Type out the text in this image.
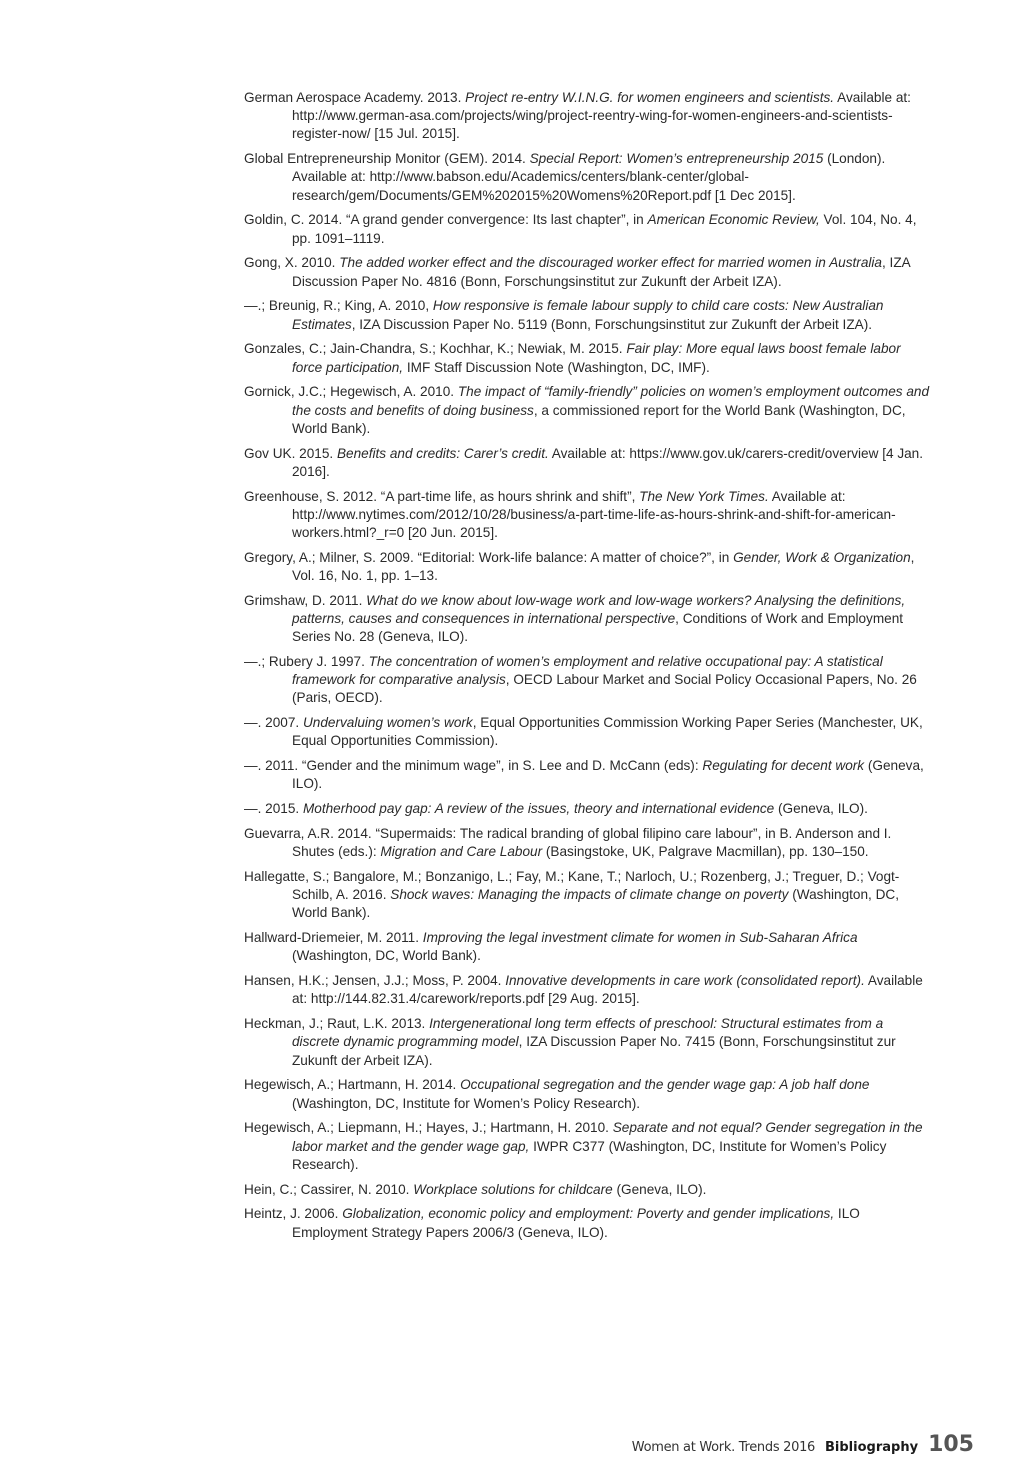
German Aerospace Academy. 2013. Project re-entry W.I.N.G. for women engineers and scientists. Available at: http://www.german-asa.com/projects/wing/project-reentry-wing-for-women-engineers-and-scientists-register-now/ [15 Jul. 2015].

Global Entrepreneurship Monitor (GEM). 2014. Special Report: Women’s entrepreneurship 2015 (London). Available at: http://www.babson.edu/Academics/centers/blank-center/global-research/gem/Documents/GEM%202015%20Womens%20Report.pdf [1 Dec 2015].

Goldin, C. 2014. “A grand gender convergence: Its last chapter”, in American Economic Review, Vol. 104, No. 4, pp. 1091–1119.

Gong, X. 2010. The added worker effect and the discouraged worker effect for married women in Australia, IZA Discussion Paper No. 4816 (Bonn, Forschungsinstitut zur Zukunft der Arbeit IZA).

—.; Breunig, R.; King, A. 2010, How responsive is female labour supply to child care costs: New Australian Estimates, IZA Discussion Paper No. 5119 (Bonn, Forschungsinstitut zur Zukunft der Arbeit IZA).

Gonzales, C.; Jain-Chandra, S.; Kochhar, K.; Newiak, M. 2015. Fair play: More equal laws boost female labor force participation, IMF Staff Discussion Note (Washington, DC, IMF).

Gornick, J.C.; Hegewisch, A. 2010. The impact of “family-friendly” policies on women’s employment outcomes and the costs and benefits of doing business, a commissioned report for the World Bank (Washington, DC, World Bank).

Gov UK. 2015. Benefits and credits: Carer’s credit. Available at: https://www.gov.uk/carers-credit/overview [4 Jan. 2016].

Greenhouse, S. 2012. “A part-time life, as hours shrink and shift”, The New York Times. Available at: http://www.nytimes.com/2012/10/28/business/a-part-time-life-as-hours-shrink-and-shift-for-american-workers.html?_r=0 [20 Jun. 2015].

Gregory, A.; Milner, S. 2009. “Editorial: Work-life balance: A matter of choice?”, in Gender, Work & Organization, Vol. 16, No. 1, pp. 1–13.

Grimshaw, D. 2011. What do we know about low-wage work and low-wage workers? Analysing the definitions, patterns, causes and consequences in international perspective, Conditions of Work and Employment Series No. 28 (Geneva, ILO).

—.; Rubery J. 1997. The concentration of women’s employment and relative occupational pay: A statistical framework for comparative analysis, OECD Labour Market and Social Policy Occasional Papers, No. 26 (Paris, OECD).

—. 2007. Undervaluing women’s work, Equal Opportunities Commission Working Paper Series (Manchester, UK, Equal Opportunities Commission).

—. 2011. “Gender and the minimum wage”, in S. Lee and D. McCann (eds): Regulating for decent work (Geneva, ILO).

—. 2015. Motherhood pay gap: A review of the issues, theory and international evidence (Geneva, ILO).

Guevarra, A.R. 2014. “Supermaids: The radical branding of global filipino care labour”, in B. Anderson and I. Shutes (eds.): Migration and Care Labour (Basingstoke, UK, Palgrave Macmillan), pp. 130–150.

Hallegatte, S.; Bangalore, M.; Bonzanigo, L.; Fay, M.; Kane, T.; Narloch, U.; Rozenberg, J.; Treguer, D.; Vogt-Schilb, A. 2016. Shock waves: Managing the impacts of climate change on poverty (Washington, DC, World Bank).

Hallward-Driemeier, M. 2011. Improving the legal investment climate for women in Sub-Saharan Africa (Washington, DC, World Bank).

Hansen, H.K.; Jensen, J.J.; Moss, P. 2004. Innovative developments in care work (consolidated report). Available at: http://144.82.31.4/carework/reports.pdf [29 Aug. 2015].

Heckman, J.; Raut, L.K. 2013. Intergenerational long term effects of preschool: Structural estimates from a discrete dynamic programming model, IZA Discussion Paper No. 7415 (Bonn, Forschungsinstitut zur Zukunft der Arbeit IZA).

Hegewisch, A.; Hartmann, H. 2014. Occupational segregation and the gender wage gap: A job half done (Washington, DC, Institute for Women’s Policy Research).

Hegewisch, A.; Liepmann, H.; Hayes, J.; Hartmann, H. 2010. Separate and not equal? Gender segregation in the labor market and the gender wage gap, IWPR C377 (Washington, DC, Institute for Women’s Policy Research).

Hein, C.; Cassirer, N. 2010. Workplace solutions for childcare (Geneva, ILO).

Heintz, J. 2006. Globalization, economic policy and employment: Poverty and gender implications, ILO Employment Strategy Papers 2006/3 (Geneva, ILO).

Women at Work. Trends 2016 Bibliography 105
